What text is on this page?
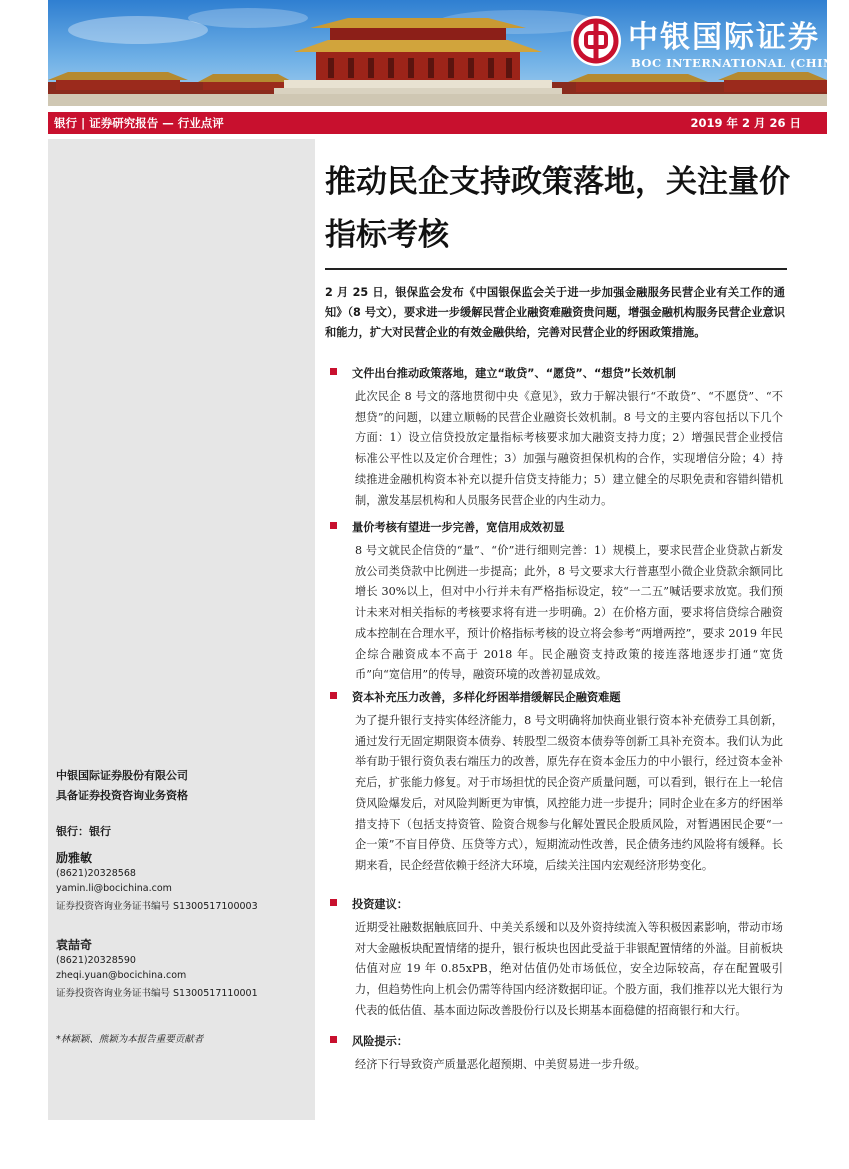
中银国际证券
BOC INTERNATIONAL (CHINA)
银行 | 证券研究报告 — 行业点评	2019 年 2 月 26 日
中银国际证券股份有限公司
具备证券投资咨询业务资格
银行：银行
励雅敏
(8621)20328568
yamin.li@bocichina.com
证券投资咨询业务证书编号 S1300517100003
袁喆奇
(8621)20328590
zheqi.yuan@bocichina.com
证券投资咨询业务证书编号 S1300517110001
*林颖颖、熊颖为本报告重要贡献者
推动民企支持政策落地，关注量价指标考核
2 月 25 日，银保监会发布《中国银保监会关于进一步加强金融服务民营企业有关工作的通知》（8 号文），要求进一步缓解民营企业融资难融资贵问题，增强金融机构服务民营企业意识和能力，扩大对民营企业的有效金融供给，完善对民营企业的纾困政策措施。
文件出台推动政策落地，建立“敢贷”、“愿贷”、“想贷”长效机制
此次民企 8 号文的落地贯彻中央《意见》，致力于解决银行“不敢贷”、“不愿贷”、“不想贷”的问题，以建立顺畅的民营企业融资长效机制。8 号文的主要内容包括以下几个方面：1）设立信贷投放定量指标考核要求加大融资支持力度；2）增强民营企业授信标准公平性以及定价合理性；3）加强与融资担保机构的合作，实现增信分险；4）持续推进金融机构资本补充以提升信贷支持能力；5）建立健全的尽职免责和容错纠错机制，激发基层机构和人员服务民营企业的内生动力。
量价考核有望进一步完善，宽信用成效初显
8 号文就民企信贷的“量”、“价”进行细则完善：1）规模上，要求民营企业贷款占新发放公司类贷款中比例进一步提高；此外，8 号文要求大行普惠型小微企业贷款余额同比增长 30%以上，但对中小行并未有严格指标设定，较“一二五”喊话要求放宽。我们预计未来对相关指标的考核要求将有进一步明确。2）在价格方面，要求将信贷综合融资成本控制在合理水平，预计价格指标考核的设立将会参考“两增两控”，要求 2019 年民企综合融资成本不高于 2018 年。民企融资支持政策的接连落地逐步打通“宽货币”向“宽信用”的传导，融资环境的改善初显成效。
资本补充压力改善，多样化纾困举措缓解民企融资难题
为了提升银行支持实体经济能力，8 号文明确将加快商业银行资本补充债券工具创新，通过发行无固定期限资本债券、转股型二级资本债券等创新工具补充资本。我们认为此举有助于银行资负表右端压力的改善，原先存在资本金压力的中小银行，经过资本金补充后，扩张能力修复。对于市场担忧的民企资产质量问题，可以看到，银行在上一轮信贷风险爆发后，对风险判断更为审慎，风控能力进一步提升；同时企业在多方的纾困举措支持下（包括支持资管、险资合规参与化解处置民企股质风险，对暂遇困民企要“一企一策”不盲目停贷、压贷等方式），短期流动性改善，民企债务违约风险将有缓释。长期来看，民企经营依赖于经济大环境，后续关注国内宏观经济形势变化。
投资建议：
近期受社融数据触底回升、中美关系缓和以及外资持续流入等积极因素影响，带动市场对大金融板块配置情绪的提升，银行板块也因此受益于非银配置情绪的外溢。目前板块估值对应 19 年 0.85xPB，绝对估值仍处市场低位，安全边际较高，存在配置吸引力，但趋势性向上机会仍需等待国内经济数据印证。个股方面，我们推荐以光大银行为代表的低估值、基本面边际改善股份行以及长期基本面稳健的招商银行和大行。
风险提示：
经济下行导致资产质量恶化超预期、中美贸易进一步升级。
